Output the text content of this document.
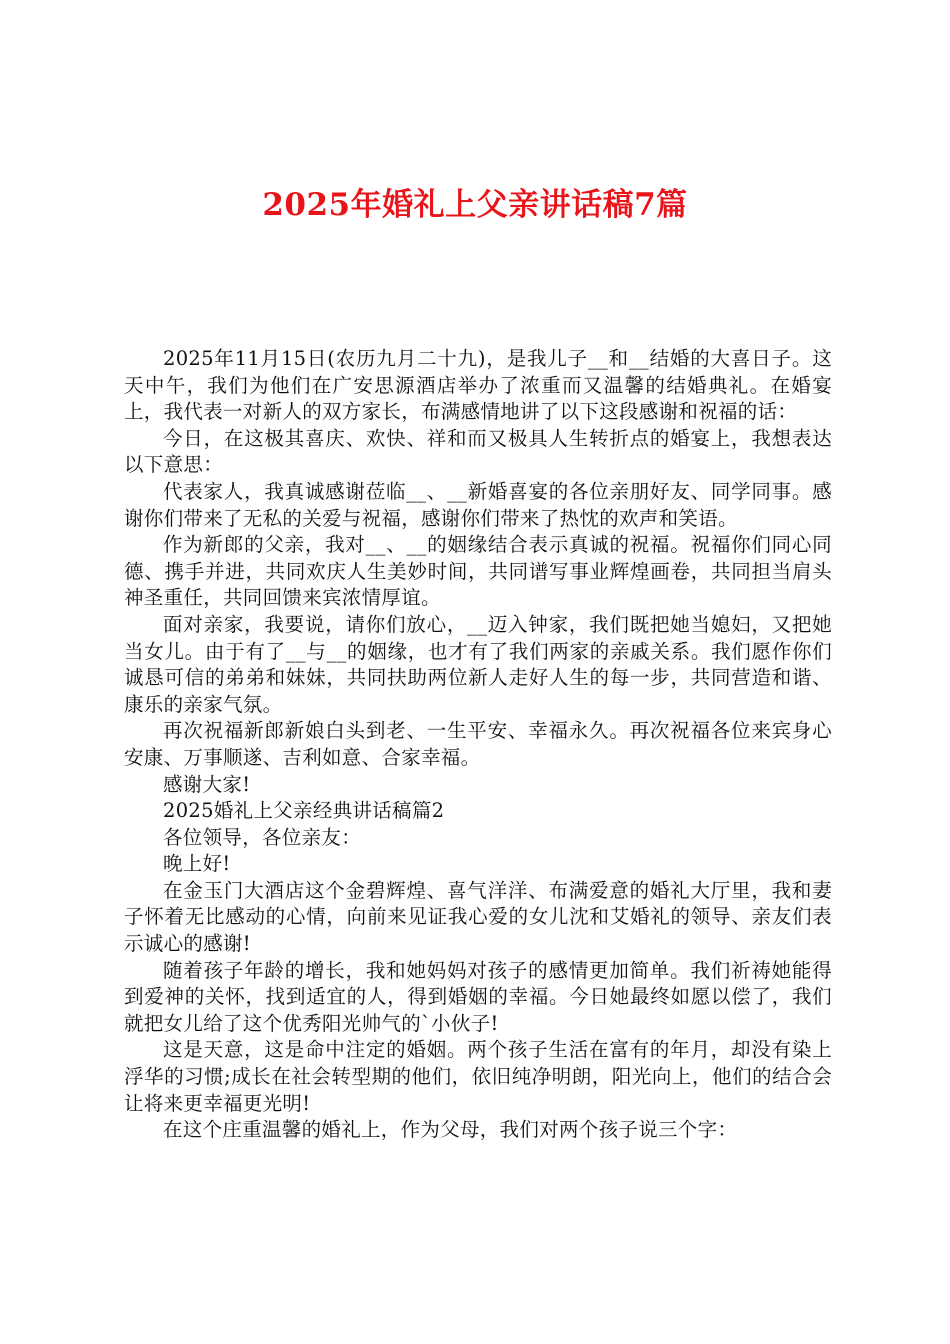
2025年婚礼上父亲讲话稿7篇

2025年11月15日(农历九月二十九)，是我儿子__和__结婚的大喜日子。这天中午，我们为他们在广安思源酒店举办了浓重而又温馨的结婚典礼。在婚宴上，我代表一对新人的双方家长，布满感情地讲了以下这段感谢和祝福的话：

今日，在这极其喜庆、欢快、祥和而又极具人生转折点的婚宴上，我想表达以下意思：

代表家人，我真诚感谢莅临__、__新婚喜宴的各位亲朋好友、同学同事。感谢你们带来了无私的关爱与祝福，感谢你们带来了热忱的欢声和笑语。

作为新郎的父亲，我对__、__的姻缘结合表示真诚的祝福。祝福你们同心同德、携手并进，共同欢庆人生美妙时间，共同谱写事业辉煌画卷，共同担当肩头神圣重任，共同回馈来宾浓情厚谊。

面对亲家，我要说，请你们放心，__迈入钟家，我们既把她当媳妇，又把她当女儿。由于有了__与__的姻缘，也才有了我们两家的亲戚关系。我们愿作你们诚恳可信的弟弟和妹妹，共同扶助两位新人走好人生的每一步，共同营造和谐、康乐的亲家气氛。

再次祝福新郎新娘白头到老、一生平安、幸福永久。再次祝福各位来宾身心安康、万事顺遂、吉利如意、合家幸福。

感谢大家!

2025婚礼上父亲经典讲话稿篇2

各位领导，各位亲友：

晚上好!

在金玉门大酒店这个金碧辉煌、喜气洋洋、布满爱意的婚礼大厅里，我和妻子怀着无比感动的心情，向前来见证我心爱的女儿沈和艾婚礼的领导、亲友们表示诚心的感谢!

随着孩子年龄的增长，我和她妈妈对孩子的感情更加简单。我们祈祷她能得到爱神的关怀，找到适宜的人，得到婚姻的幸福。今日她最终如愿以偿了，我们就把女儿给了这个优秀阳光帅气的`小伙子!

这是天意，这是命中注定的婚姻。两个孩子生活在富有的年月，却没有染上浮华的习惯;成长在社会转型期的他们，依旧纯净明朗，阳光向上，他们的结合会让将来更幸福更光明!

在这个庄重温馨的婚礼上，作为父母，我们对两个孩子说三个字：
